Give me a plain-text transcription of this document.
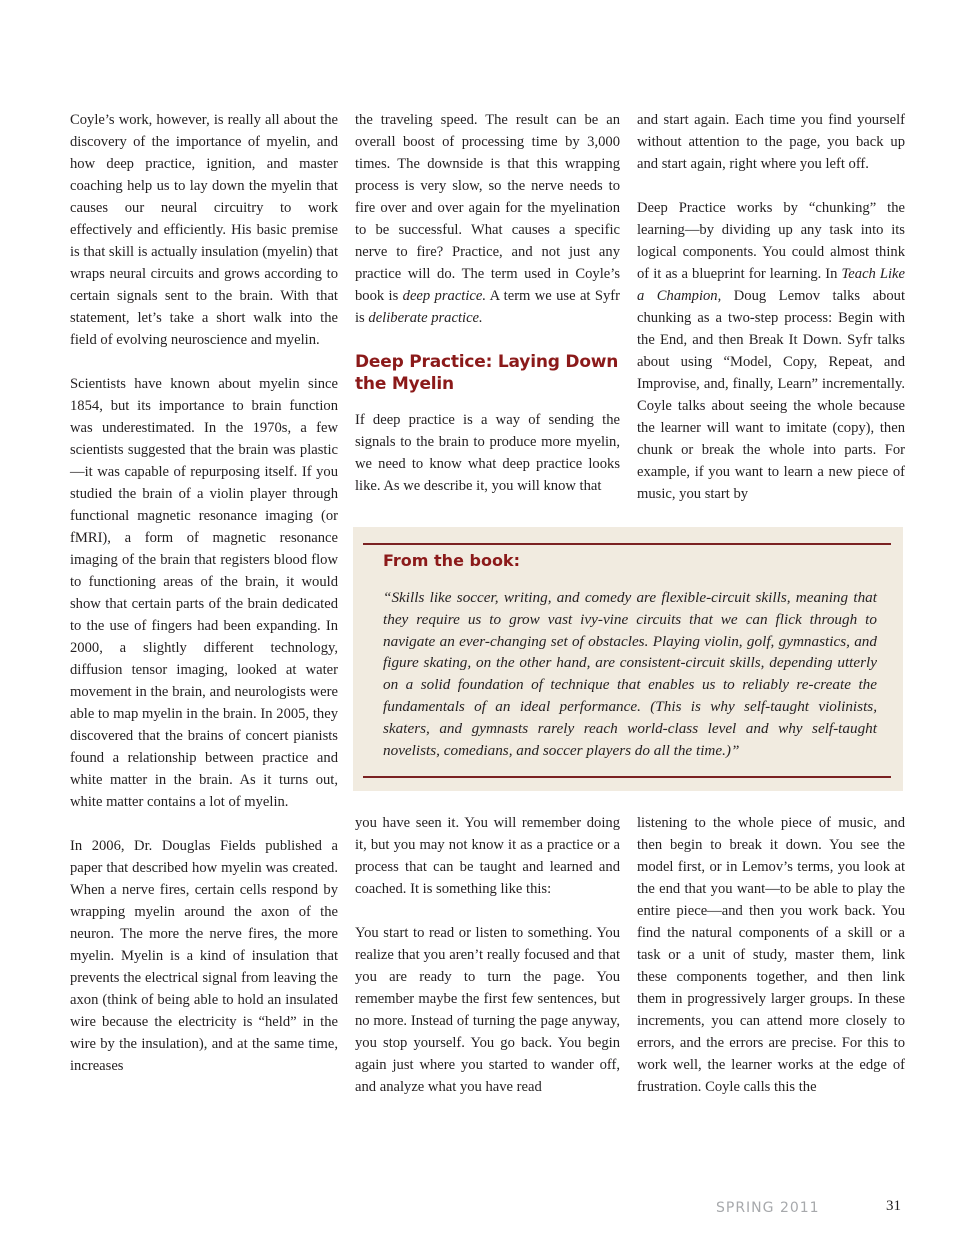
Coyle’s work, however, is really all about the discovery of the importance of myelin, and how deep practice, ignition, and master coaching help us to lay down the myelin that causes our neural circuitry to work effectively and efficiently. His basic premise is that skill is actually insulation (myelin) that wraps neural circuits and grows according to certain signals sent to the brain. With that statement, let’s take a short walk into the field of evolving neuroscience and myelin.

Scientists have known about myelin since 1854, but its importance to brain function was underestimated. In the 1970s, a few scientists suggested that the brain was plastic—it was capable of repurposing itself. If you studied the brain of a violin player through functional magnetic resonance imaging (or fMRI), a form of magnetic resonance imaging of the brain that registers blood flow to functioning areas of the brain, it would show that certain parts of the brain dedicated to the use of fingers had been expanding. In 2000, a slightly different technology, diffusion tensor imaging, looked at water movement in the brain, and neurologists were able to map myelin in the brain. In 2005, they discovered that the brains of concert pianists found a relationship between practice and white matter in the brain. As it turns out, white matter contains a lot of myelin.

In 2006, Dr. Douglas Fields published a paper that described how myelin was created. When a nerve fires, certain cells respond by wrapping myelin around the axon of the neuron. The more the nerve fires, the more myelin. Myelin is a kind of insulation that prevents the electrical signal from leaving the axon (think of being able to hold an insulated wire because the electricity is “held” in the wire by the insulation), and at the same time, increases

the traveling speed. The result can be an overall boost of processing time by 3,000 times. The downside is that this wrapping process is very slow, so the nerve needs to fire over and over again for the myelination to be successful. What causes a specific nerve to fire? Practice, and not just any practice will do. The term used in Coyle’s book is deep practice. A term we use at Syfr is deliberate practice.

Deep Practice: Laying Down the Myelin

If deep practice is a way of sending the signals to the brain to produce more myelin, we need to know what deep practice looks like. As we describe it, you will know that

and start again. Each time you find yourself without attention to the page, you back up and start again, right where you left off.

Deep Practice works by “chunking” the learning—by dividing up any task into its logical components. You could almost think of it as a blueprint for learning. In Teach Like a Champion, Doug Lemov talks about chunking as a two-step process: Begin with the End, and then Break It Down. Syfr talks about using “Model, Copy, Repeat, and Improvise, and, finally, Learn” incrementally. Coyle talks about seeing the whole because the learner will want to imitate (copy), then chunk or break the whole into parts. For example, if you want to learn a new piece of music, you start by

From the book:

“Skills like soccer, writing, and comedy are flexible-circuit skills, meaning that they require us to grow vast ivy-vine circuits that we can flick through to navigate an ever-changing set of obstacles. Playing violin, golf, gymnastics, and figure skating, on the other hand, are consistent-circuit skills, depending utterly on a solid foundation of technique that enables us to reliably re-create the fundamentals of an ideal performance. (This is why self-taught violinists, skaters, and gymnasts rarely reach world-class level and why self-taught novelists, comedians, and soccer players do all the time.)”

you have seen it. You will remember doing it, but you may not know it as a practice or a process that can be taught and learned and coached. It is something like this:

You start to read or listen to something. You realize that you aren’t really focused and that you are ready to turn the page. You remember maybe the first few sentences, but no more. Instead of turning the page anyway, you stop yourself. You go back. You begin again just where you started to wander off, and analyze what you have read

listening to the whole piece of music, and then begin to break it down. You see the model first, or in Lemov’s terms, you look at the end that you want—to be able to play the entire piece—and then you work back. You find the natural components of a skill or a task or a unit of study, master them, link these components together, and then link them in progressively larger groups. In these increments, you can attend more closely to errors, and the errors are precise. For this to work well, the learner works at the edge of frustration. Coyle calls this the

SPRING 2011	31
